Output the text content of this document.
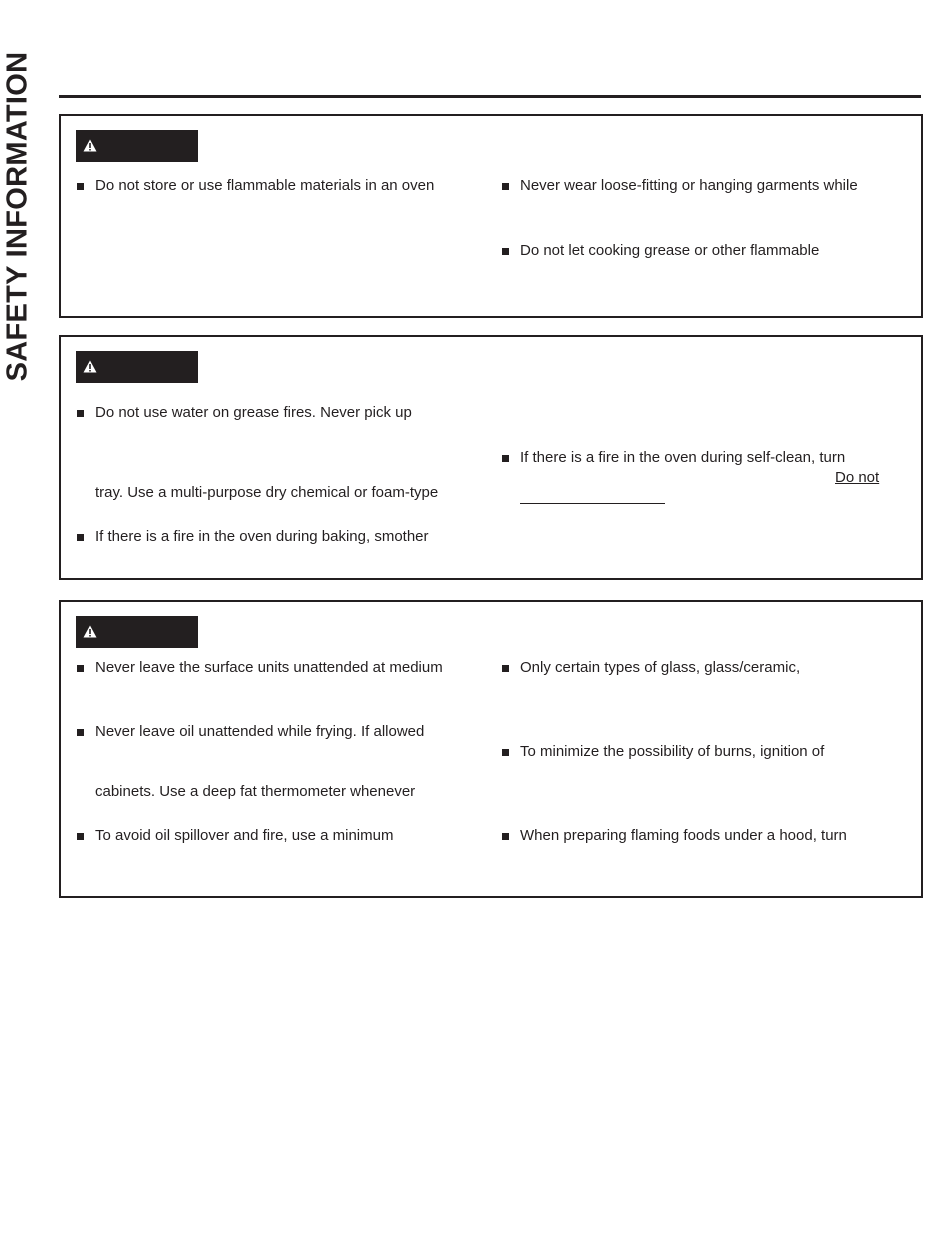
SAFETY INFORMATION	Do not store or use flammable materials in an oven	Never wear loose-fitting or hanging garments while
Do not let cooking grease or other flammable
Do not use water on grease fires. Never pick up
tray. Use a multi-purpose dry chemical or foam-type
If there is a fire in the oven during baking, smother
If there is a fire in the oven during self-clean, turn
Do not
Never leave the surface units unattended at medium
Never leave oil unattended while frying. If allowed
cabinets. Use a deep fat thermometer whenever
To avoid oil spillover and fire, use a minimum
Only certain types of glass, glass/ceramic,
To minimize the possibility of burns, ignition of
When preparing flaming foods under a hood, turn
